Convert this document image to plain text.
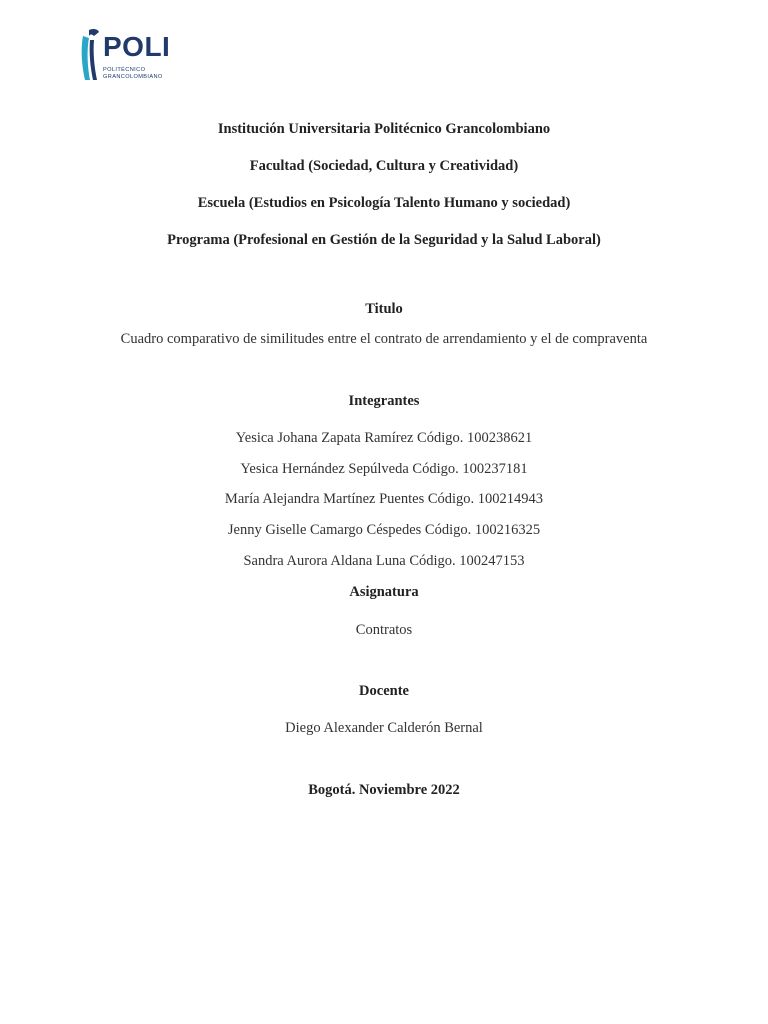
POLI
POLITÉCNICO
GRANCOLOMBIANO
Institución Universitaria Politécnico Grancolombiano
Facultad (Sociedad, Cultura y Creatividad)
Escuela (Estudios en Psicología Talento Humano y sociedad)
Programa (Profesional en Gestión de la Seguridad y la Salud Laboral)
Titulo
Cuadro comparativo de similitudes entre el contrato de arrendamiento y el de compraventa
Integrantes
Yesica Johana Zapata Ramírez Código. 100238621
Yesica Hernández Sepúlveda Código. 100237181
María Alejandra Martínez Puentes Código. 100214943
Jenny Giselle Camargo Céspedes Código. 100216325
Sandra Aurora Aldana Luna Código. 100247153
Asignatura
Contratos
Docente
Diego Alexander Calderón Bernal
Bogotá. Noviembre 2022
